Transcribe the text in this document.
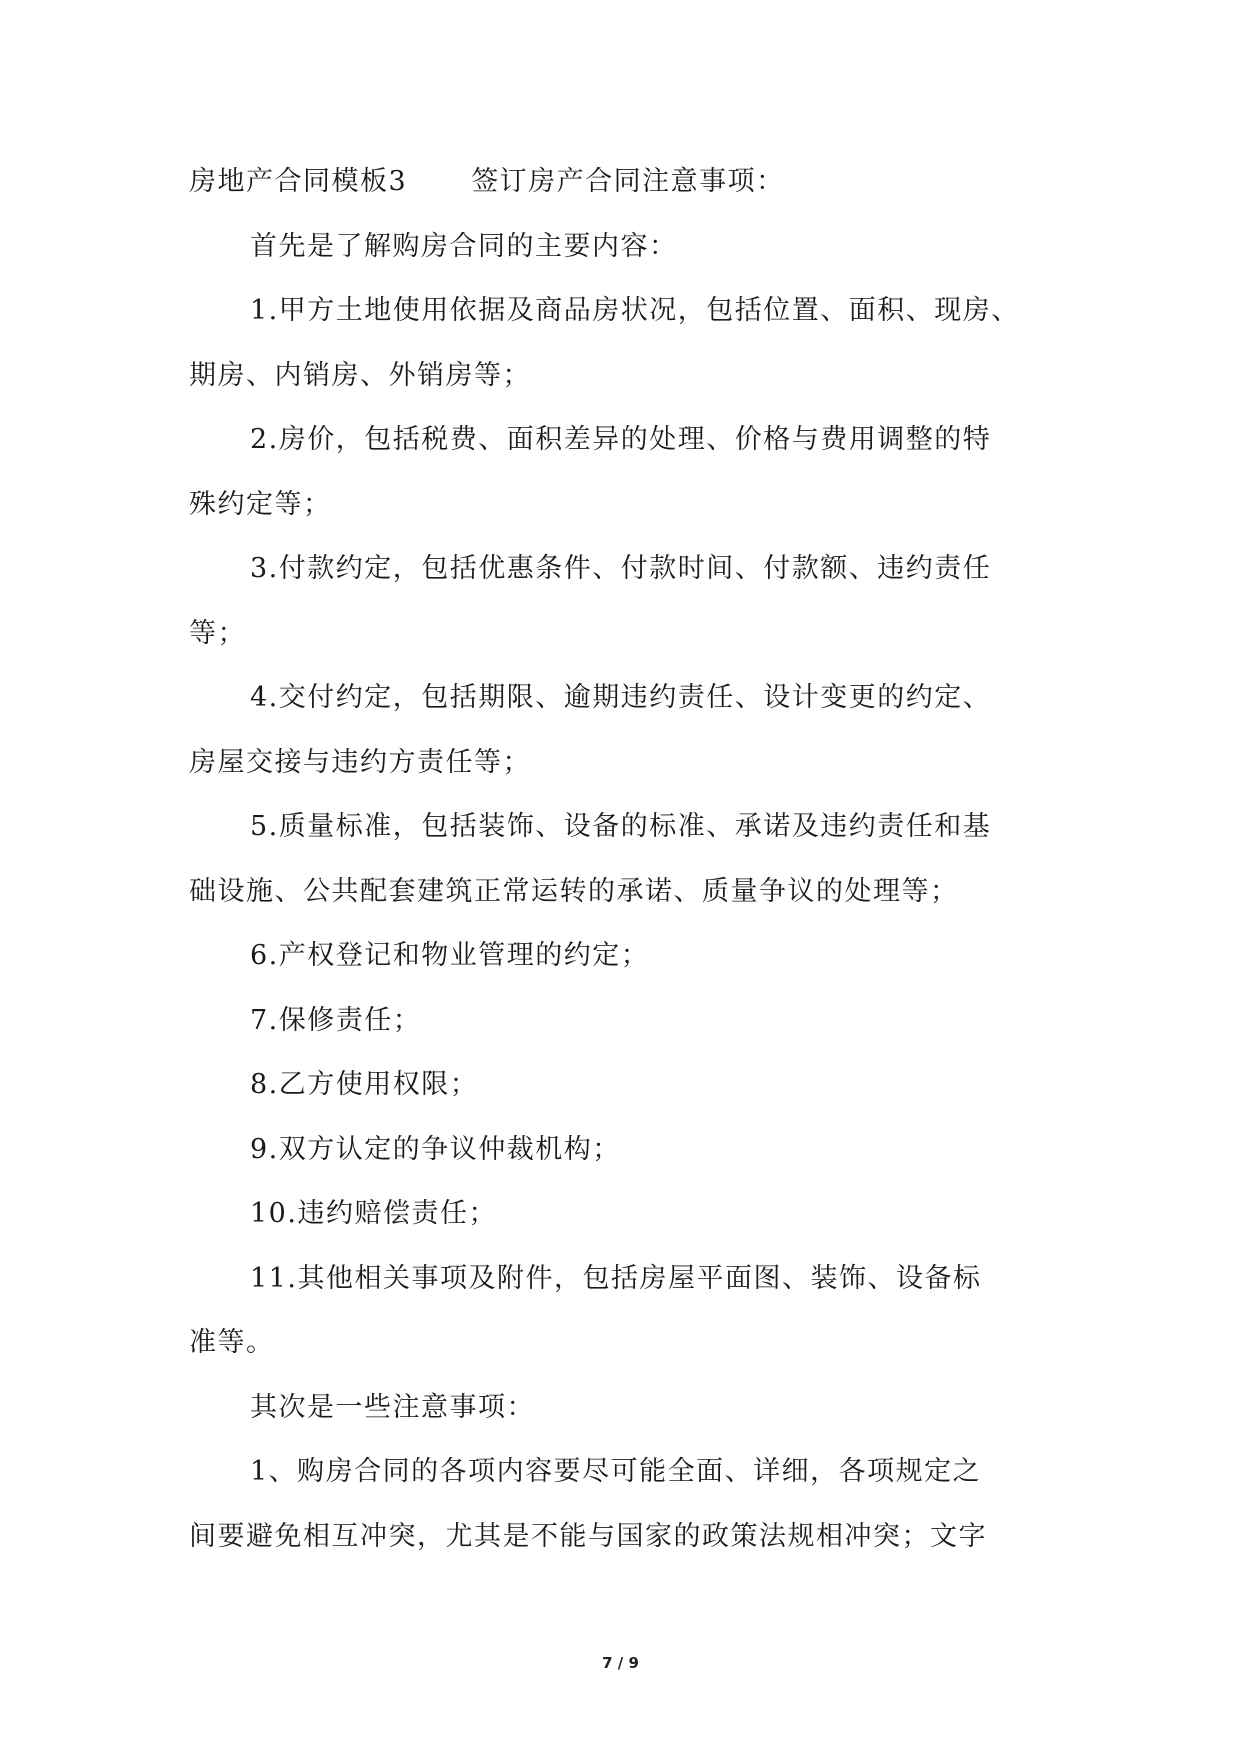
房地产合同模板3 签订房产合同注意事项：
首先是了解购房合同的主要内容：
1.甲方土地使用依据及商品房状况，包括位置、面积、现房、
期房、内销房、外销房等；
2.房价，包括税费、面积差异的处理、价格与费用调整的特
殊约定等；
3.付款约定，包括优惠条件、付款时间、付款额、违约责任
等；
4.交付约定，包括期限、逾期违约责任、设计变更的约定、
房屋交接与违约方责任等；
5.质量标准，包括装饰、设备的标准、承诺及违约责任和基
础设施、公共配套建筑正常运转的承诺、质量争议的处理等；
6.产权登记和物业管理的约定；
7.保修责任；
8.乙方使用权限；
9.双方认定的争议仲裁机构；
10.违约赔偿责任；
11.其他相关事项及附件，包括房屋平面图、装饰、设备标
准等。
其次是一些注意事项：
1、购房合同的各项内容要尽可能全面、详细，各项规定之
间要避免相互冲突，尤其是不能与国家的政策法规相冲突；文字
7 / 9
